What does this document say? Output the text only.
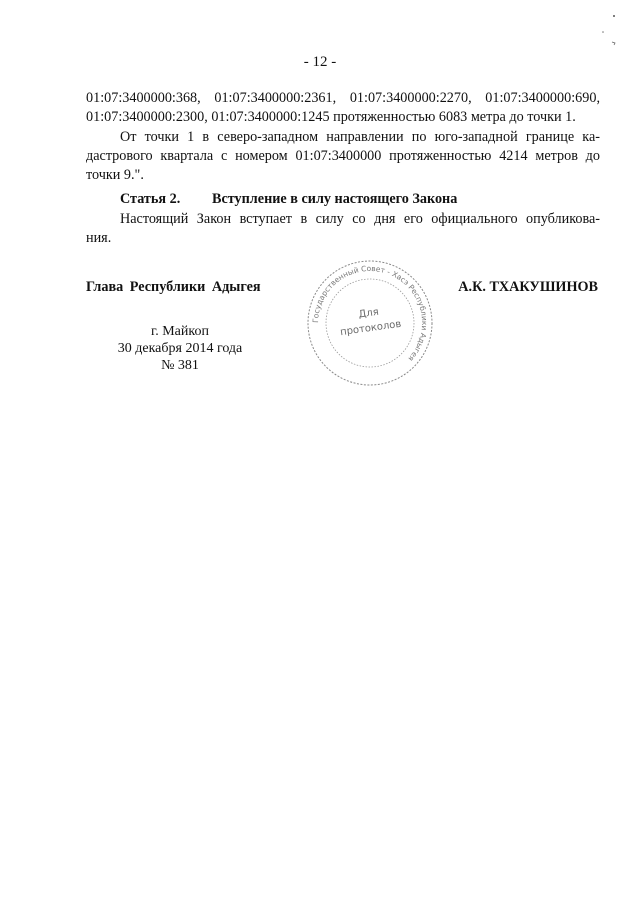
- 12 -
01:07:3400000:368, 01:07:3400000:2361, 01:07:3400000:2270, 01:07:3400000:690,
01:07:3400000:2300, 01:07:3400000:1245 протяженностью 6083 метра до точки 1.
От точки 1 в северо-западном направлении по юго-западной границе ка-
дастрового квартала с номером 01:07:3400000 протяженностью 4214 метров до
точки 9.".
Статья 2. Вступление в силу настоящего Закона
Настоящий Закон вступает в силу со дня его официального опубликова-
ния.
Глава Республики Адыгея	А.К. ТХАКУШИНОВ
г. Майкоп
30 декабря 2014 года
№ 381
Государственный Совет - Хасэ Республики Адыгея
Для
протоколов
